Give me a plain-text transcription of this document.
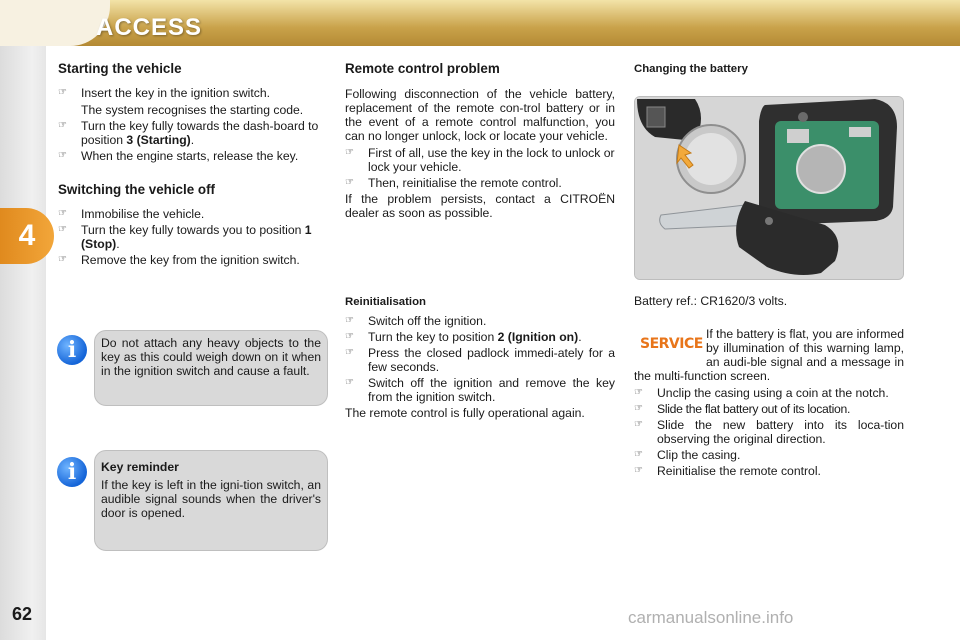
ACCESS
4
62	carmanualsonline.info
Starting the vehicle
☞ Insert the key in the ignition switch.

The system recognises the starting code.

☞ Turn the key fully towards the dash-board to position 3 (Starting).
☞ When the engine starts, release the key.

Switching the vehicle off
☞ Immobilise the vehicle.
☞ Turn the key fully towards you to position 1 (Stop).
☞ Remove the key from the ignition switch.

i	Do not attach any heavy objects to the key as this could weigh down on it when in the ignition switch and cause a fault.

i	Key reminder

If the key is left in the igni-tion switch, an audible signal sounds when the driver's door is opened.

Remote control problem

Following disconnection of the vehicle battery, replacement of the remote con-trol battery or in the event of a remote control malfunction, you can no longer unlock, lock or locate your vehicle.

☞ First of all, use the key in the lock to unlock or lock your vehicle.

☞ Then, reinitialise the remote control.

If the problem persists, contact a CITROËN dealer as soon as possible.

Reinitialisation
☞ Switch off the ignition.
☞ Turn the key to position 2 (Ignition on).
☞ Press the closed padlock immedi-ately for a few seconds.

☞ Switch off the ignition and remove the key from the ignition switch.

The remote control is fully operational again.

Changing the battery

Battery ref.: CR1620/3 volts.

SERVICE

If the battery is flat, you are informed by illumination of this warning lamp, an audi-ble signal and a message in the multi-function screen.

☞ Unclip the casing using a coin at the notch.

☞ Slide the flat battery out of its location.

☞ Slide the new battery into its loca-tion observing the original direction.

☞ Clip the casing.

☞ Reinitialise the remote control.
